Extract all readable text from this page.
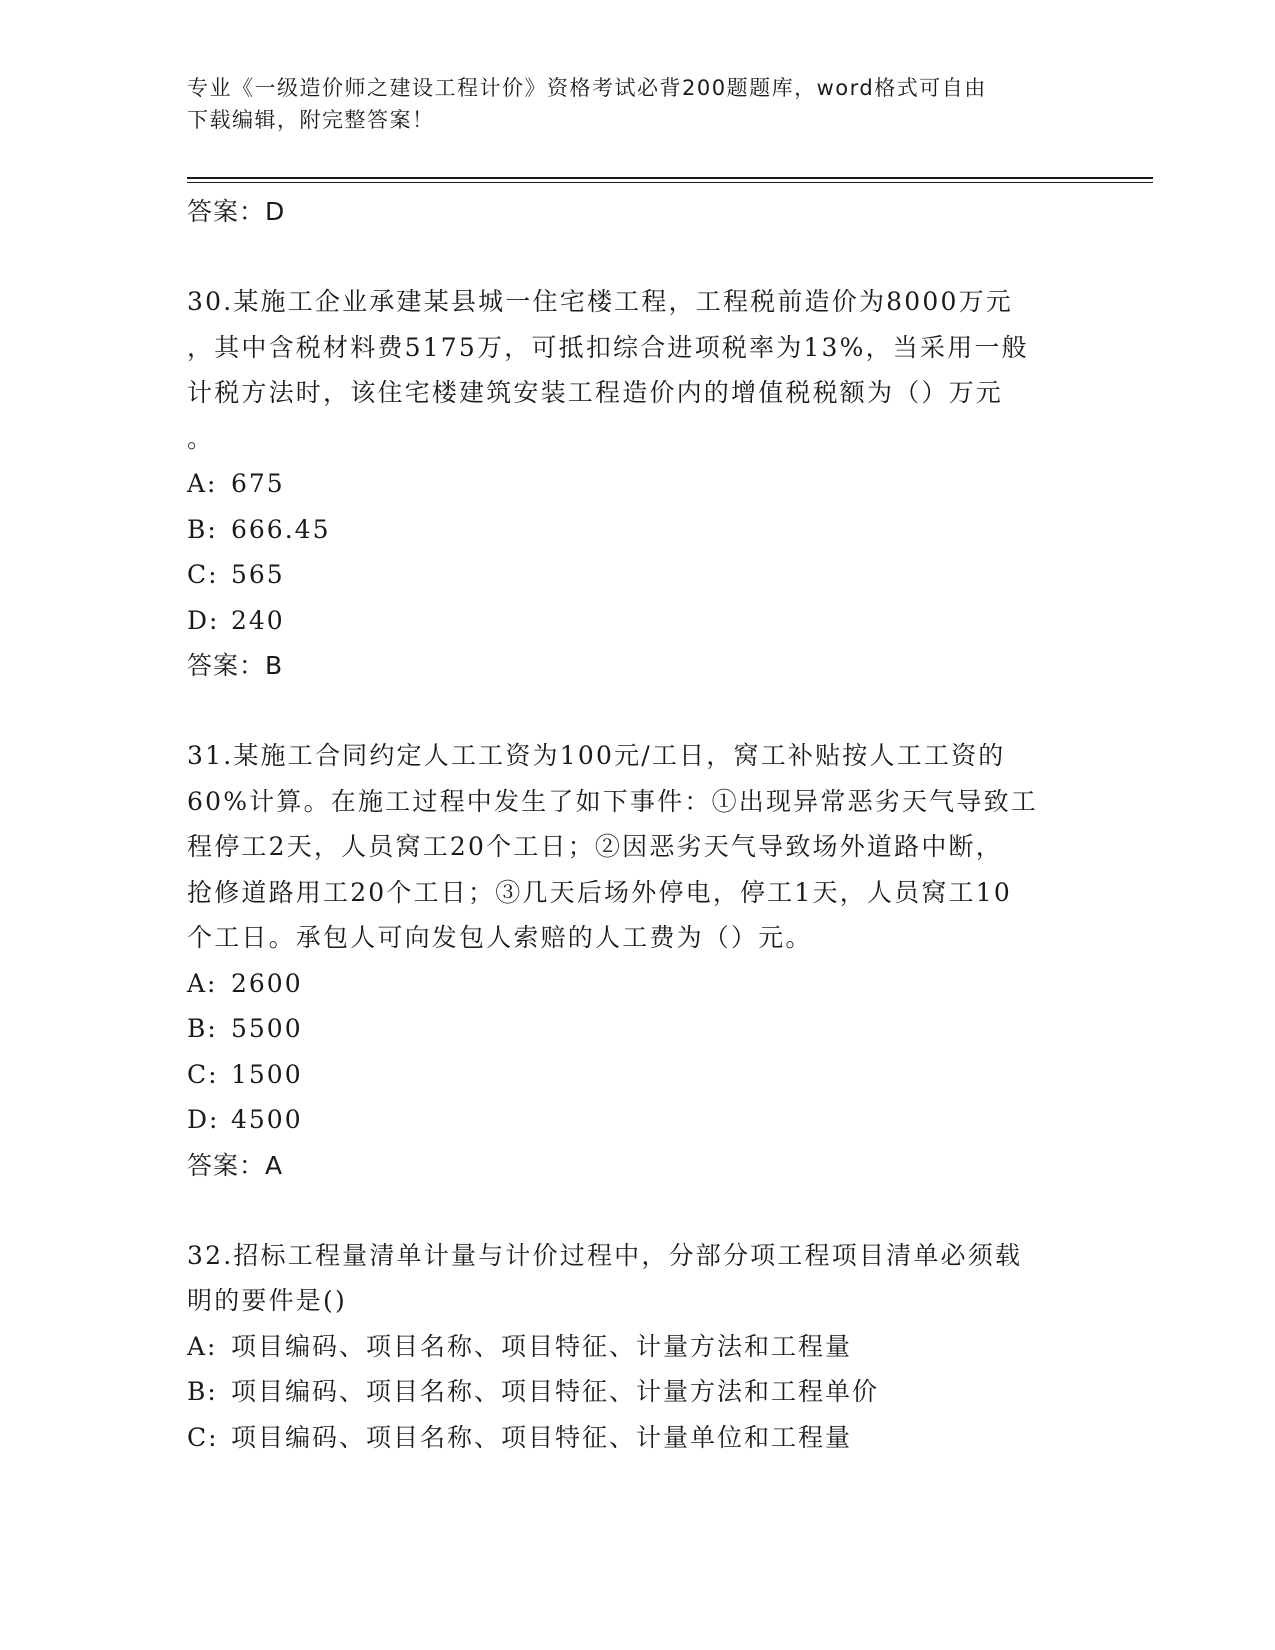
专业《一级造价师之建设工程计价》资格考试必背200题题库，word格式可自由
下载编辑，附完整答案！
答案：D
30.某施工企业承建某县城一住宅楼工程，工程税前造价为8000万元
，其中含税材料费5175万，可抵扣综合进项税率为13%，当采用一般
计税方法时，该住宅楼建筑安装工程造价内的增值税税额为（）万元
。
A: 675
B: 666.45
C: 565
D: 240
答案：B
31.某施工合同约定人工工资为100元/工日，窝工补贴按人工工资的
60%计算。在施工过程中发生了如下事件：①出现异常恶劣天气导致工
程停工2天，人员窝工20个工日；②因恶劣天气导致场外道路中断，
抢修道路用工20个工日；③几天后场外停电，停工1天，人员窝工10
个工日。承包人可向发包人索赔的人工费为（）元。
A: 2600
B: 5500
C: 1500
D: 4500
答案：A
32.招标工程量清单计量与计价过程中，分部分项工程项目清单必须载
明的要件是()
A: 项目编码、项目名称、项目特征、计量方法和工程量
B: 项目编码、项目名称、项目特征、计量方法和工程单价
C: 项目编码、项目名称、项目特征、计量单位和工程量
